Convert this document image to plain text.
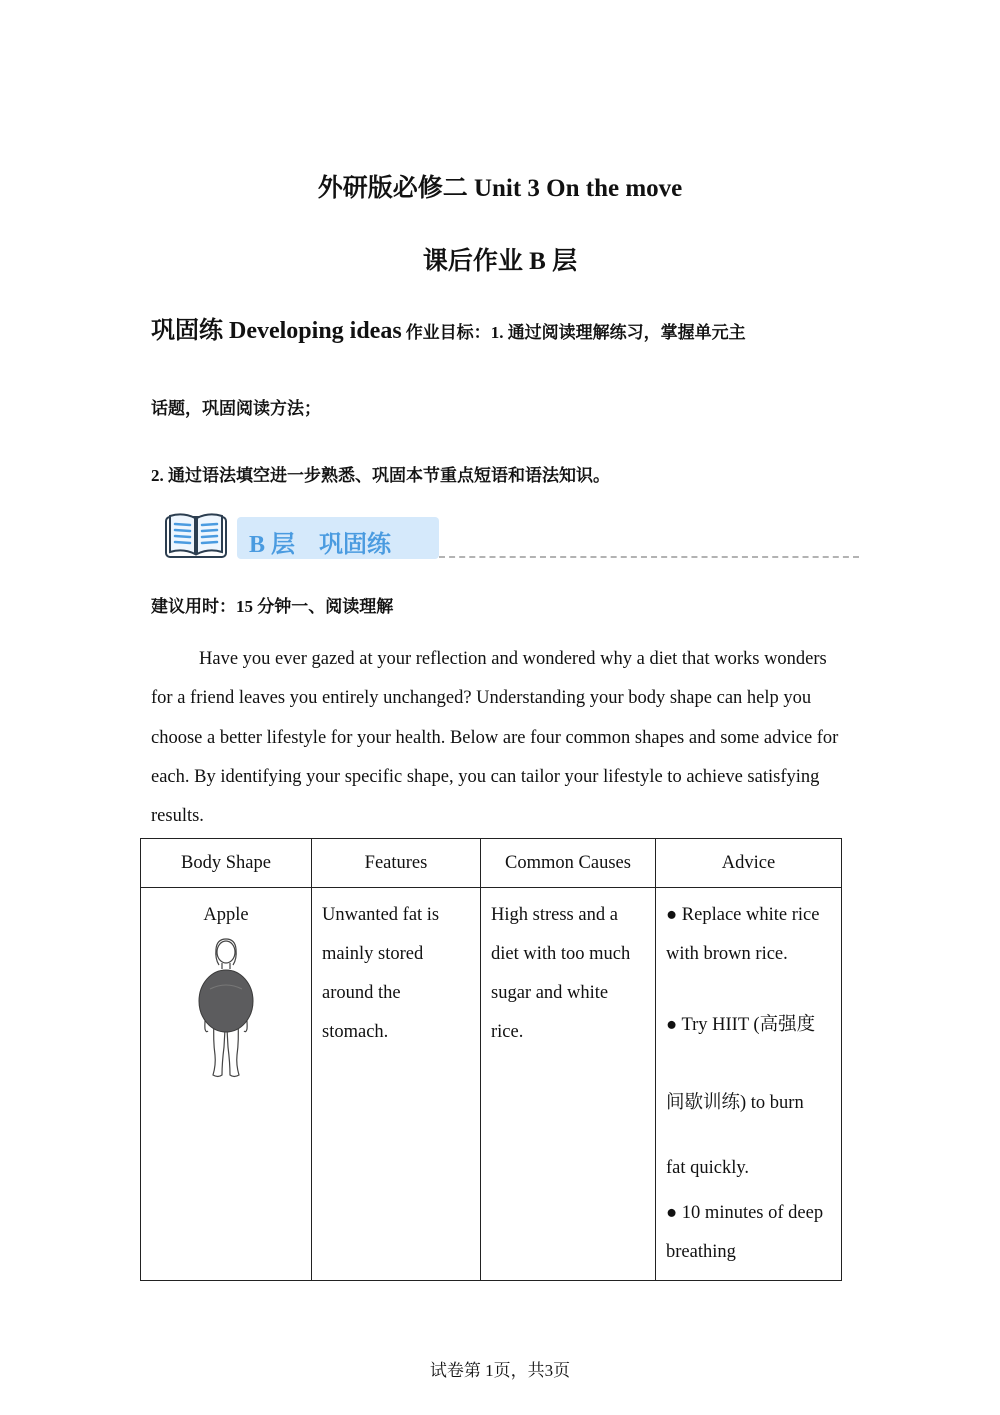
外研版必修二 Unit 3 On the move
课后作业 B 层

巩固练 Developing ideas 作业目标：1. 通过阅读理解练习，掌握单元主

话题，巩固阅读方法；

2. 通过语法填空进一步熟悉、巩固本节重点短语和语法知识。

B 层　巩固练

建议用时：15 分钟一、阅读理解

Have you ever gazed at your reflection and wondered why a diet that works wonders for a friend leaves you entirely unchanged? Understanding your body shape can help you choose a better lifestyle for your health. Below are four common shapes and some advice for each. By identifying your specific shape, you can tailor your lifestyle to achieve satisfying results.

Body Shape	Features	Common Causes	Advice

Apple	Unwanted fat is mainly stored around the stomach.	High stress and a diet with too much sugar and white rice.	● Replace white rice with brown rice.

● Try HIIT (高强度间歇训练) to burn
fat quickly.

● 10 minutes of deep breathing

试卷第 1页，共3页
